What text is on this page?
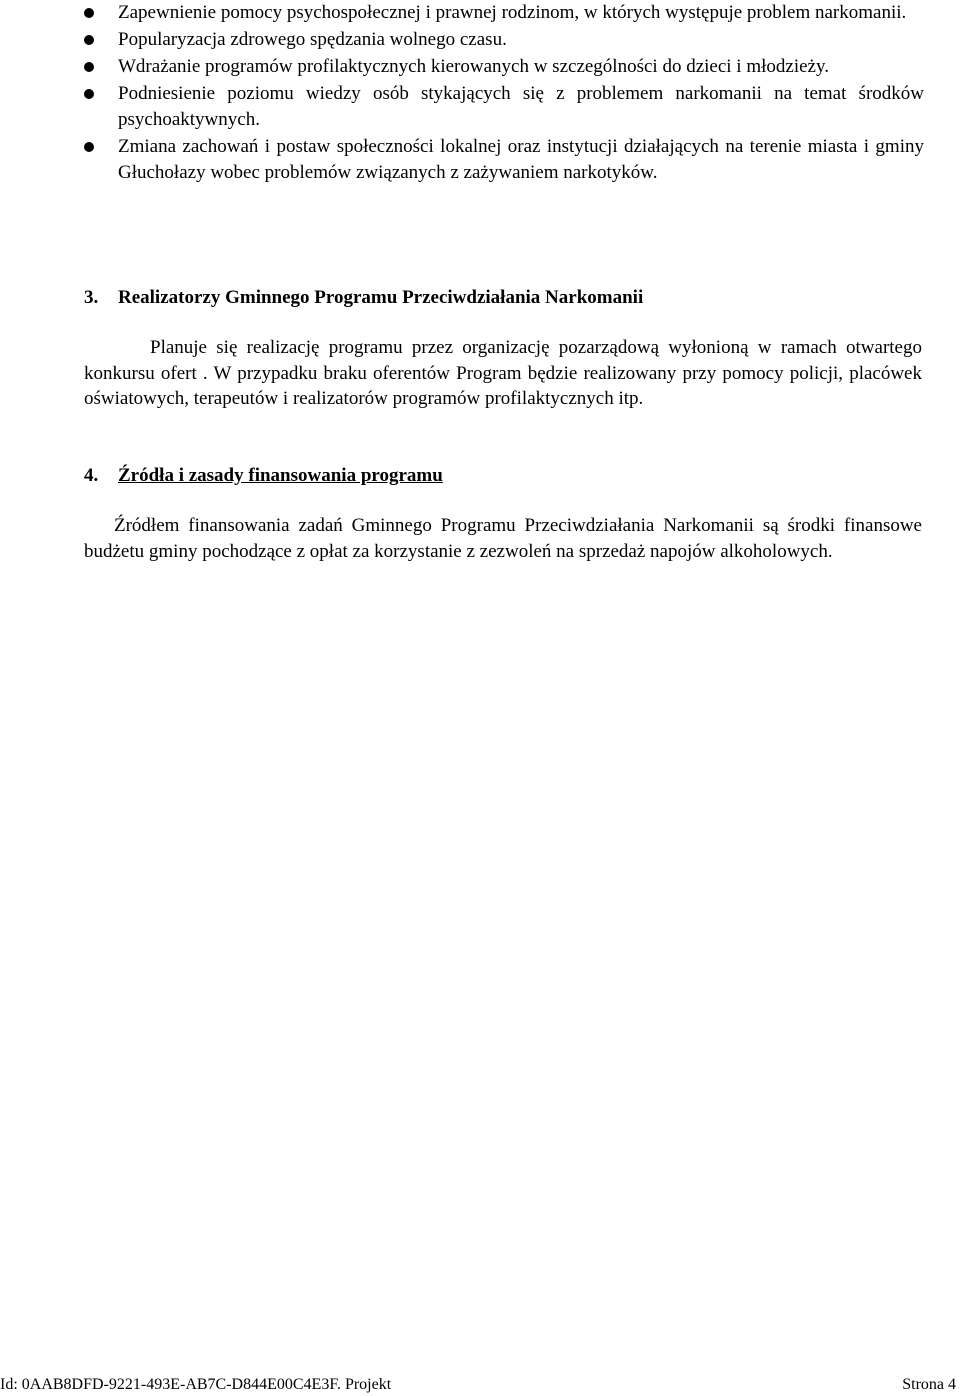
Zapewnienie pomocy psychospołecznej i prawnej rodzinom, w których występuje problem narkomanii.
Popularyzacja zdrowego spędzania wolnego czasu.
Wdrażanie programów profilaktycznych kierowanych w szczególności do dzieci i młodzieży.
Podniesienie poziomu wiedzy osób stykających się z problemem narkomanii na temat środków psychoaktywnych.
Zmiana zachowań i postaw społeczności lokalnej oraz instytucji działających na terenie miasta i gminy Głuchołazy wobec problemów związanych z zażywaniem narkotyków.
3. Realizatorzy Gminnego Programu Przeciwdziałania Narkomanii

Planuje się realizację programu przez organizację pozarządową wyłonioną w ramach otwartego konkursu ofert . W przypadku braku oferentów Program będzie realizowany przy pomocy policji, placówek oświatowych, terapeutów i realizatorów programów profilaktycznych itp.

4. Źródła i zasady finansowania programu

Źródłem finansowania zadań Gminnego Programu Przeciwdziałania Narkomanii są środki finansowe budżetu gminy pochodzące z opłat za korzystanie z zezwoleń na sprzedaż napojów alkoholowych.

Id: 0AAB8DFD-9221-493E-AB7C-D844E00C4E3F. Projekt	Strona 4
